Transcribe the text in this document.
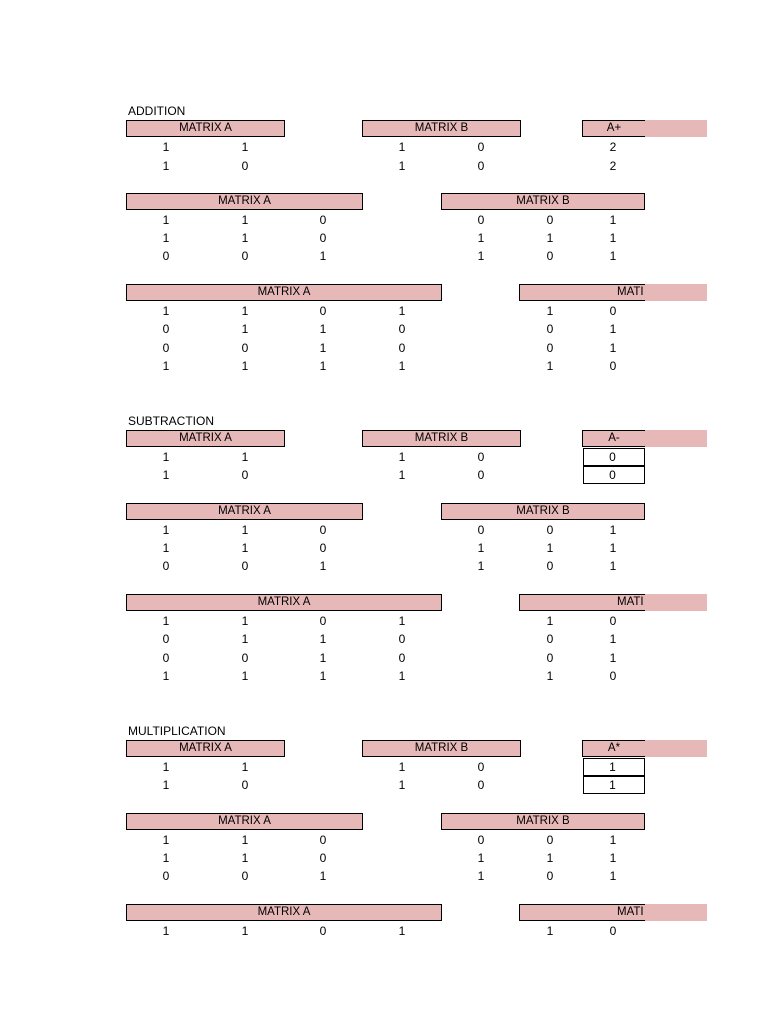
ADDITION
MATRIX A	MATRIX B	A+
1	1	1	0	2
1	0	1	0	2
MATRIX A	MATRIX B
1	1	0	0	0	1
1	1	0	1	1	1
0	0	1	1	0	1
MATRIX A	MATI
1	1	0	1	1	0
0	1	1	0	0	1
0	0	1	0	0	1
1	1	1	1	1	0
SUBTRACTION
MATRIX A	MATRIX B	A-
1	1	1	0	0
1	0	1	0	0
MATRIX A	MATRIX B
1	1	0	0	0	1
1	1	0	1	1	1
0	0	1	1	0	1
MATRIX A	MATI
1	1	0	1	1	0
0	1	1	0	0	1
0	0	1	0	0	1
1	1	1	1	1	0
MULTIPLICATION
MATRIX A	MATRIX B	A*
1	1	1	0	1
1	0	1	0	1
MATRIX A	MATRIX B
1	1	0	0	0	1
1	1	0	1	1	1
0	0	1	1	0	1
MATRIX A	MATI
1	1	0	1	1	0
